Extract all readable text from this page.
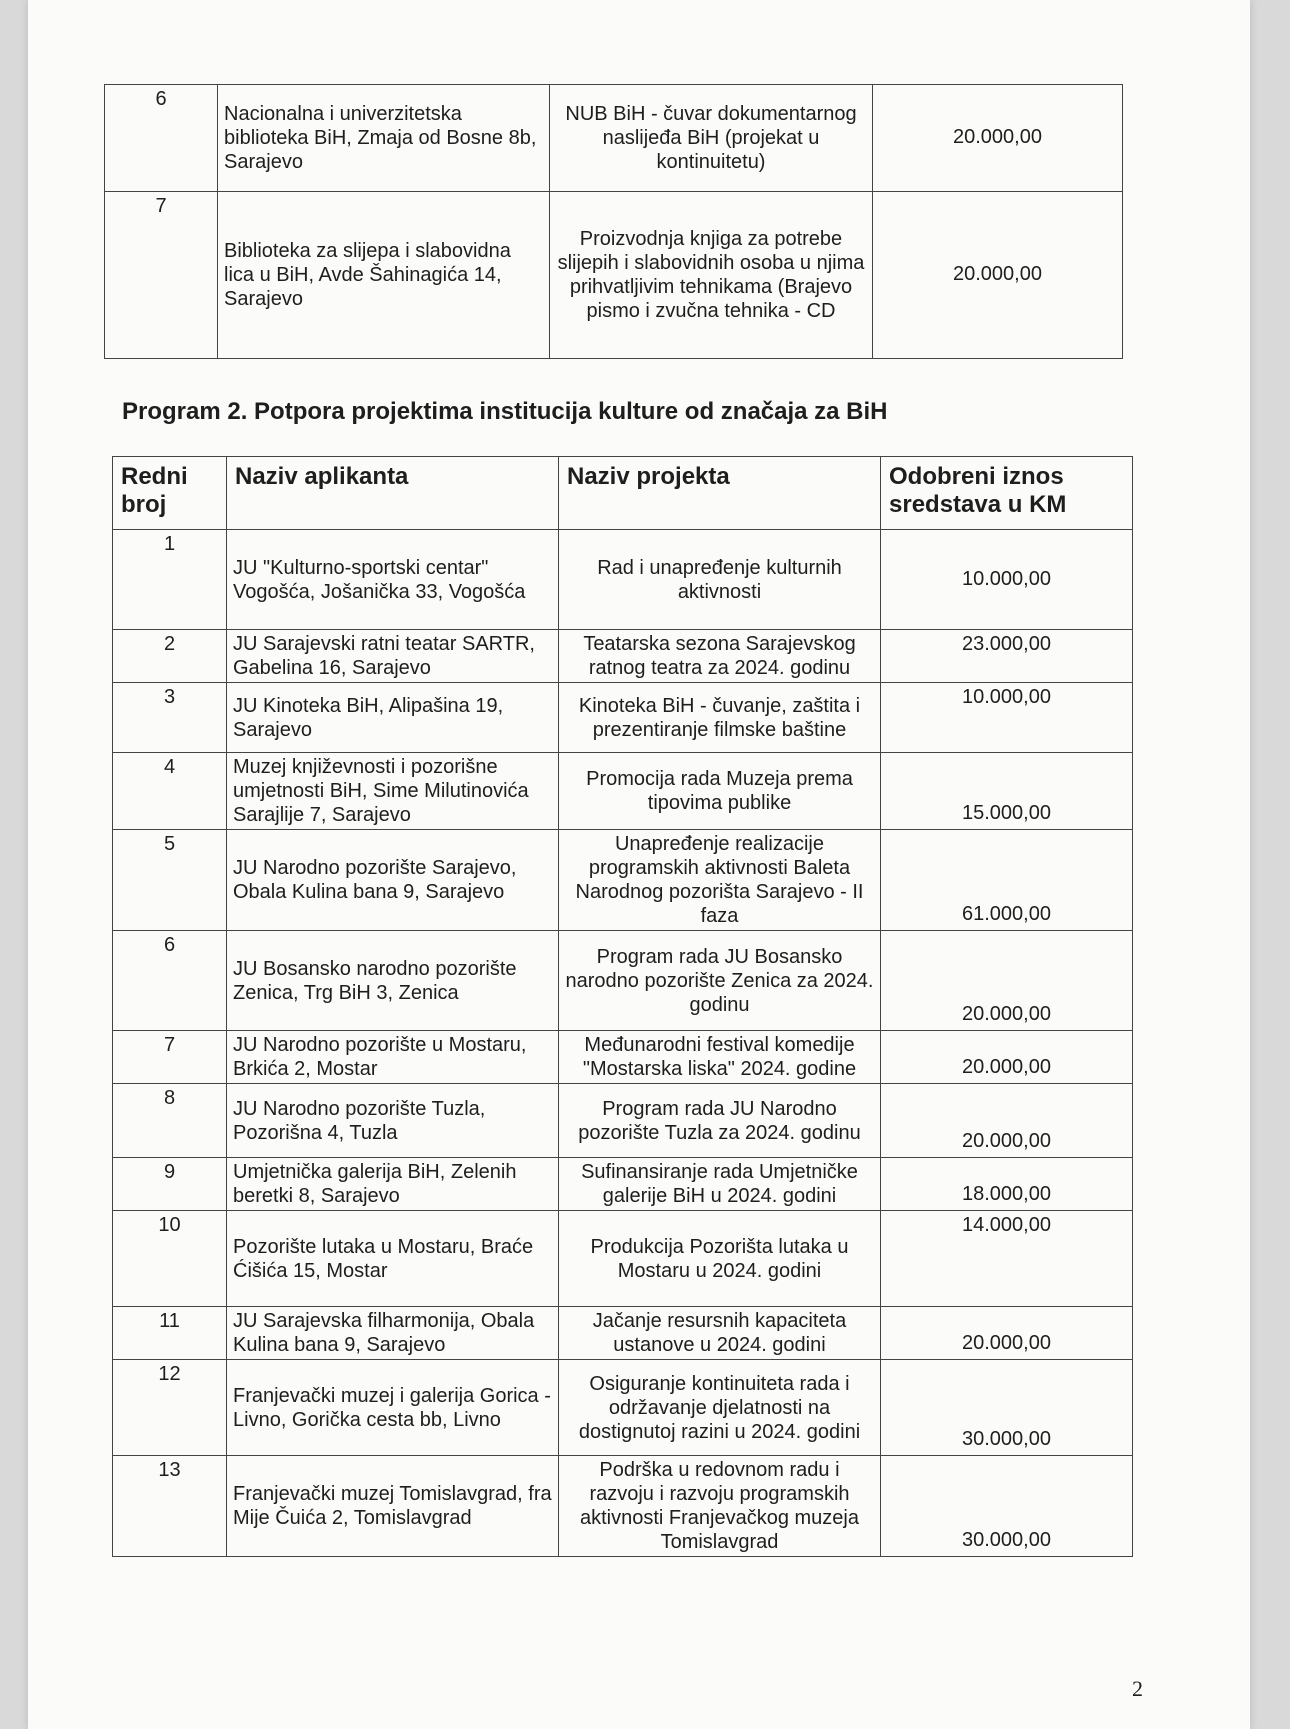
6	Nacionalna i univerzitetska biblioteka BiH, Zmaja od Bosne 8b, Sarajevo	NUB BiH - čuvar dokumentarnog naslijeđa BiH (projekat u kontinuitetu)	20.000,00
7	Biblioteka za slijepa i slabovidna lica u BiH, Avde Šahinagića 14, Sarajevo	Proizvodnja knjiga za potrebe slijepih i slabovidnih osoba u njima prihvatljivim tehnikama (Brajevo pismo i zvučna tehnika - CD	20.000,00
Program 2. Potpora projektima institucija kulture od značaja za BiH
Redni broj	Naziv aplikanta	Naziv projekta	Odobreni iznos sredstava u KM
1	JU "Kulturno-sportski centar" Vogošća, Jošanička 33, Vogošća	Rad i unapređenje kulturnih aktivnosti	10.000,00
2	JU Sarajevski ratni teatar SARTR, Gabelina 16, Sarajevo	Teatarska sezona Sarajevskog ratnog teatra za 2024. godinu	23.000,00
3	JU Kinoteka BiH, Alipašina 19, Sarajevo	Kinoteka BiH - čuvanje, zaštita i prezentiranje filmske baštine	10.000,00
4	Muzej književnosti i pozorišne umjetnosti BiH, Sime Milutinovića Sarajlije 7, Sarajevo	Promocija rada Muzeja prema tipovima publike	15.000,00
5	JU Narodno pozorište Sarajevo, Obala Kulina bana 9, Sarajevo	Unapređenje realizacije programskih aktivnosti Baleta Narodnog pozorišta Sarajevo - II faza	61.000,00
6	JU Bosansko narodno pozorište Zenica, Trg BiH 3, Zenica	Program rada JU Bosansko narodno pozorište Zenica za 2024. godinu	20.000,00
7	JU Narodno pozorište u Mostaru, Brkića 2, Mostar	Međunarodni festival komedije "Mostarska liska" 2024. godine	20.000,00
8	JU Narodno pozorište Tuzla, Pozorišna 4, Tuzla	Program rada JU Narodno pozorište Tuzla za 2024. godinu	20.000,00
9	Umjetnička galerija BiH, Zelenih beretki 8, Sarajevo	Sufinansiranje rada Umjetničke galerije BiH u 2024. godini	18.000,00
10	Pozorište lutaka u Mostaru, Braće Ćišića 15, Mostar	Produkcija Pozorišta lutaka u Mostaru u 2024. godini	14.000,00
11	JU Sarajevska filharmonija, Obala Kulina bana 9, Sarajevo	Jačanje resursnih kapaciteta ustanove u 2024. godini	20.000,00
12	Franjevački muzej i galerija Gorica - Livno, Gorička cesta bb, Livno	Osiguranje kontinuiteta rada i održavanje djelatnosti na dostignutoj razini u 2024. godini	30.000,00
13	Franjevački muzej Tomislavgrad, fra Mije Čuića 2, Tomislavgrad	Podrška u redovnom radu i razvoju i razvoju programskih aktivnosti Franjevačkog muzeja Tomislavgrad	30.000,00
2
